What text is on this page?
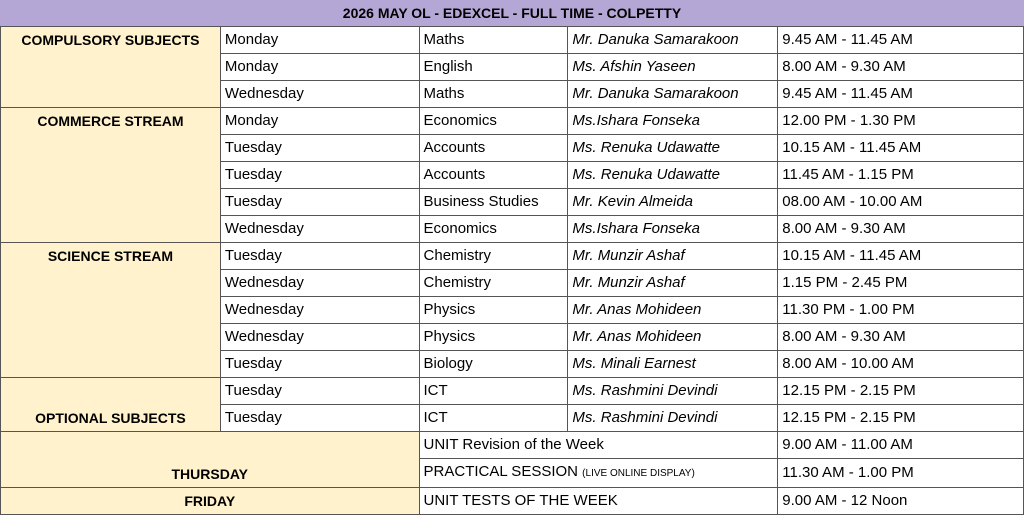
2026 MAY OL - EDEXCEL - FULL TIME - COLPETTY
COMPULSORY SUBJECTS	Monday	Maths	Mr. Danuka Samarakoon	9.45 AM - 11.45 AM
	Monday	English	Ms. Afshin Yaseen	8.00 AM - 9.30 AM
	Wednesday	Maths	Mr. Danuka Samarakoon	9.45 AM - 11.45 AM
COMMERCE STREAM	Monday	Economics	Ms.Ishara Fonseka	12.00 PM - 1.30 PM
	Tuesday	Accounts	Ms. Renuka Udawatte	10.15 AM - 11.45 AM
	Tuesday	Accounts	Ms. Renuka Udawatte	11.45 AM - 1.15 PM
	Tuesday	Business Studies	Mr. Kevin Almeida	08.00 AM - 10.00 AM
	Wednesday	Economics	Ms.Ishara Fonseka	8.00 AM - 9.30 AM
SCIENCE STREAM	Tuesday	Chemistry	Mr. Munzir Ashaf	10.15 AM - 11.45 AM
	Wednesday	Chemistry	Mr. Munzir Ashaf	1.15 PM - 2.45 PM
	Wednesday	Physics	Mr. Anas Mohideen	11.30 PM - 1.00 PM
	Wednesday	Physics	Mr. Anas Mohideen	8.00 AM - 9.30 AM
	Tuesday	Biology	Ms. Minali Earnest	8.00 AM - 10.00 AM
OPTIONAL SUBJECTS	Tuesday	ICT	Ms. Rashmini Devindi	12.15 PM - 2.15 PM
	Tuesday	ICT	Ms. Rashmini Devindi	12.15 PM - 2.15 PM
THURSDAY		UNIT Revision of the Week		9.00 AM - 11.00 AM
		PRACTICAL SESSION (LIVE ONLINE DISPLAY)		11.30 AM - 1.00 PM
FRIDAY		UNIT TESTS OF THE WEEK		9.00 AM - 12 Noon
